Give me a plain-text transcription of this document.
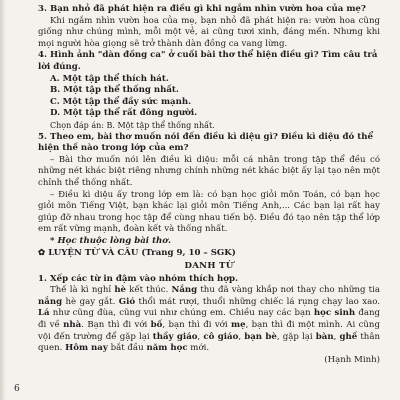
3. Bạn nhỏ đã phát hiện ra điều gì khi ngắm nhìn vườn hoa của mẹ?

Khi ngắm nhìn vườn hoa của mẹ, bạn nhỏ đã phát hiện ra: vườn hoa cũng giống như chúng mình, mỗi một vẻ, ai cũng tươi xinh, đáng mến. Nhưng khi mọi người hòa giọng sẽ trở thành dàn đồng ca vang lừng.

4. Hình ảnh "dàn đồng ca" ở cuối bài thơ thể hiện điều gì? Tìm câu trả lời đúng.

A. Một tập thể thích hát.

B. Một tập thể thống nhất.

C. Một tập thể đầy sức mạnh.

D. Một tập thể rất đông người.

Chọn đáp án: B. Một tập thể thống nhất.

5. Theo em, bài thơ muốn nói đến điều kì diệu gì? Điều kì diệu đó thể hiện thế nào trong lớp của em?

– Bài thơ muốn nói lên điều kì diệu: mỗi cá nhân trong tập thể đều có những nét khác biệt riêng nhưng chính những nét khác biệt ấy lại tạo nên một chỉnh thể thống nhất.

– Điều kì diệu ấy trong lớp em là: có bạn học giỏi môn Toán, có bạn học giỏi môn Tiếng Việt, bạn khác lại giỏi môn Tiếng Anh,... Các bạn lại rất hay giúp đỡ nhau trong học tập để cùng nhau tiến bộ. Điều đó tạo nên tập thể lớp em rất vững mạnh, đoàn kết và thống nhất.

* Học thuộc lòng bài thơ.

✿ LUYỆN TỪ VÀ CÂU (Trang 9, 10 – SGK)

DANH TỪ

1. Xếp các từ in đậm vào nhóm thích hợp.

Thế là kì nghỉ hè kết thúc. Nắng thu đã vàng khắp nơi thay cho những tia nắng hè gay gắt. Gió thổi mát rượi, thuổi những chiếc lá rụng chạy lao xao. Lá như cũng đùa, cũng vui như chúng em. Chiều nay các bạn học sinh đang đi về nhà. Bạn thì đi với bố, bạn thì đi với mẹ, bạn thì đi một mình. Ai cũng vội đến trường để gặp lại thầy giáo, cô giáo, bạn bè, gặp lại bàn, ghế thân quen. Hôm nay bắt đầu năm học mới.

(Hạnh Minh)

6
